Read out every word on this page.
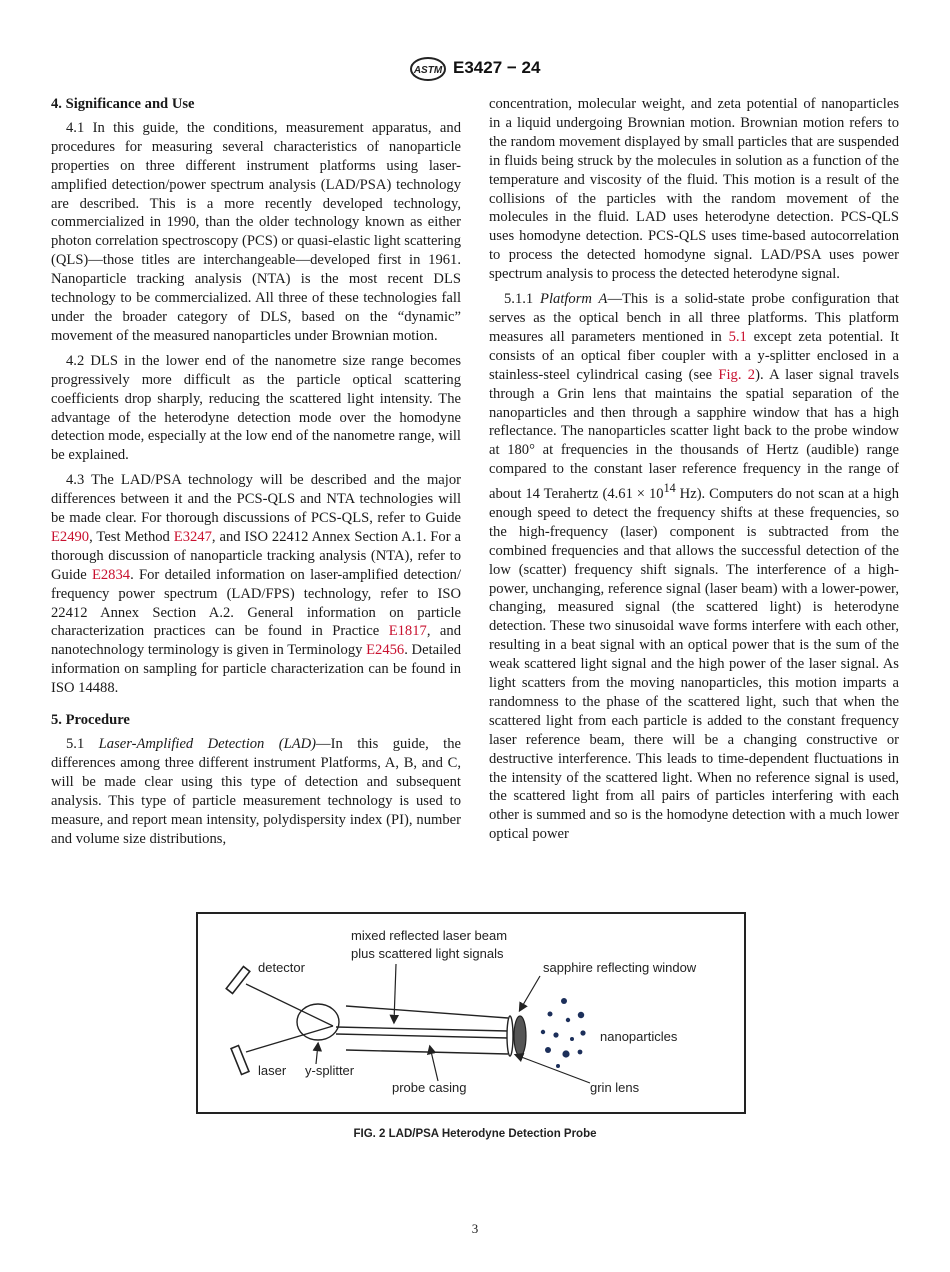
ASTM E3427 − 24
4. Significance and Use

4.1 In this guide, the conditions, measurement apparatus, and procedures for measuring several characteristics of nanoparticle properties on three different instrument platforms using laser-amplified detection/power spectrum analysis (LAD/PSA) technology are described. This is a more recently developed technology, commercialized in 1990, than the older technology known as either photon correlation spectroscopy (PCS) or quasi-elastic light scattering (QLS)—those titles are interchangeable—developed first in 1961. Nanoparticle tracking analysis (NTA) is the most recent DLS technology to be commercialized. All three of these technologies fall under the broader category of DLS, based on the “dynamic” movement of the measured nanoparticles under Brownian motion.

4.2 DLS in the lower end of the nanometre size range becomes progressively more difficult as the particle optical scattering coefficients drop sharply, reducing the scattered light intensity. The advantage of the heterodyne detection mode over the homodyne detection mode, especially at the low end of the nanometre range, will be explained.

4.3 The LAD/PSA technology will be described and the major differences between it and the PCS-QLS and NTA technologies will be made clear. For thorough discussions of PCS-QLS, refer to Guide E2490, Test Method E3247, and ISO 22412 Annex Section A.1. For a thorough discussion of nanoparticle tracking analysis (NTA), refer to Guide E2834. For detailed information on laser-amplified detection/ frequency power spectrum (LAD/FPS) technology, refer to ISO 22412 Annex Section A.2. General information on particle characterization practices can be found in Practice E1817, and nanotechnology terminology is given in Terminology E2456. Detailed information on sampling for particle characterization can be found in ISO 14488.

5. Procedure

5.1 Laser-Amplified Detection (LAD)—In this guide, the differences among three different instrument Platforms, A, B, and C, will be made clear using this type of detection and subsequent analysis. This type of particle measurement technology is used to measure, and report mean intensity, polydispersity index (PI), number and volume size distributions,

concentration, molecular weight, and zeta potential of nanoparticles in a liquid undergoing Brownian motion. Brownian motion refers to the random movement displayed by small particles that are suspended in fluids being struck by the molecules in solution as a function of the temperature and viscosity of the fluid. This motion is a result of the collisions of the particles with the random movement of the molecules in the fluid. LAD uses heterodyne detection. PCS-QLS uses homodyne detection. PCS-QLS uses time-based autocorrelation to process the detected homodyne signal. LAD/PSA uses power spectrum analysis to process the detected heterodyne signal.

5.1.1 Platform A—This is a solid-state probe configuration that serves as the optical bench in all three platforms. This platform measures all parameters mentioned in 5.1 except zeta potential. It consists of an optical fiber coupler with a y-splitter enclosed in a stainless-steel cylindrical casing (see Fig. 2). A laser signal travels through a Grin lens that maintains the spatial separation of the nanoparticles and then through a sapphire window that has a high reflectance. The nanoparticles scatter light back to the probe window at 180° at frequencies in the thousands of Hertz (audible) range compared to the constant laser reference frequency in the range of about 14 Terahertz ($4.61 \times 10^{14}$ Hz). Computers do not scan at a high enough speed to detect the frequency shifts at these frequencies, so the high-frequency (laser) component is subtracted from the combined frequencies and that allows the successful detection of the low (scatter) frequency shift signals. The interference of a high-power, unchanging, reference signal (laser beam) with a lower-power, changing, measured signal (the scattered light) is heterodyne detection. These two sinusoidal wave forms interfere with each other, resulting in a beat signal with an optical power that is the sum of the weak scattered light signal and the high power of the laser signal. As light scatters from the moving nanoparticles, this motion imparts a randomness to the phase of the scattered light, such that when the scattered light from each particle is added to the constant frequency laser reference beam, there will be a changing constructive or destructive interference. This leads to time-dependent fluctuations in the intensity of the scattered light. When no reference signal is used, the scattered light from all pairs of particles interfering with each other is summed and so is the homodyne detection with a much lower optical power

mixed reflected laser beam
plus scattered light signals
detector	sapphire reflecting window
nanoparticles
laser y-splitter
probe casing	grin lens
FIG. 2 LAD/PSA Heterodyne Detection Probe
3
